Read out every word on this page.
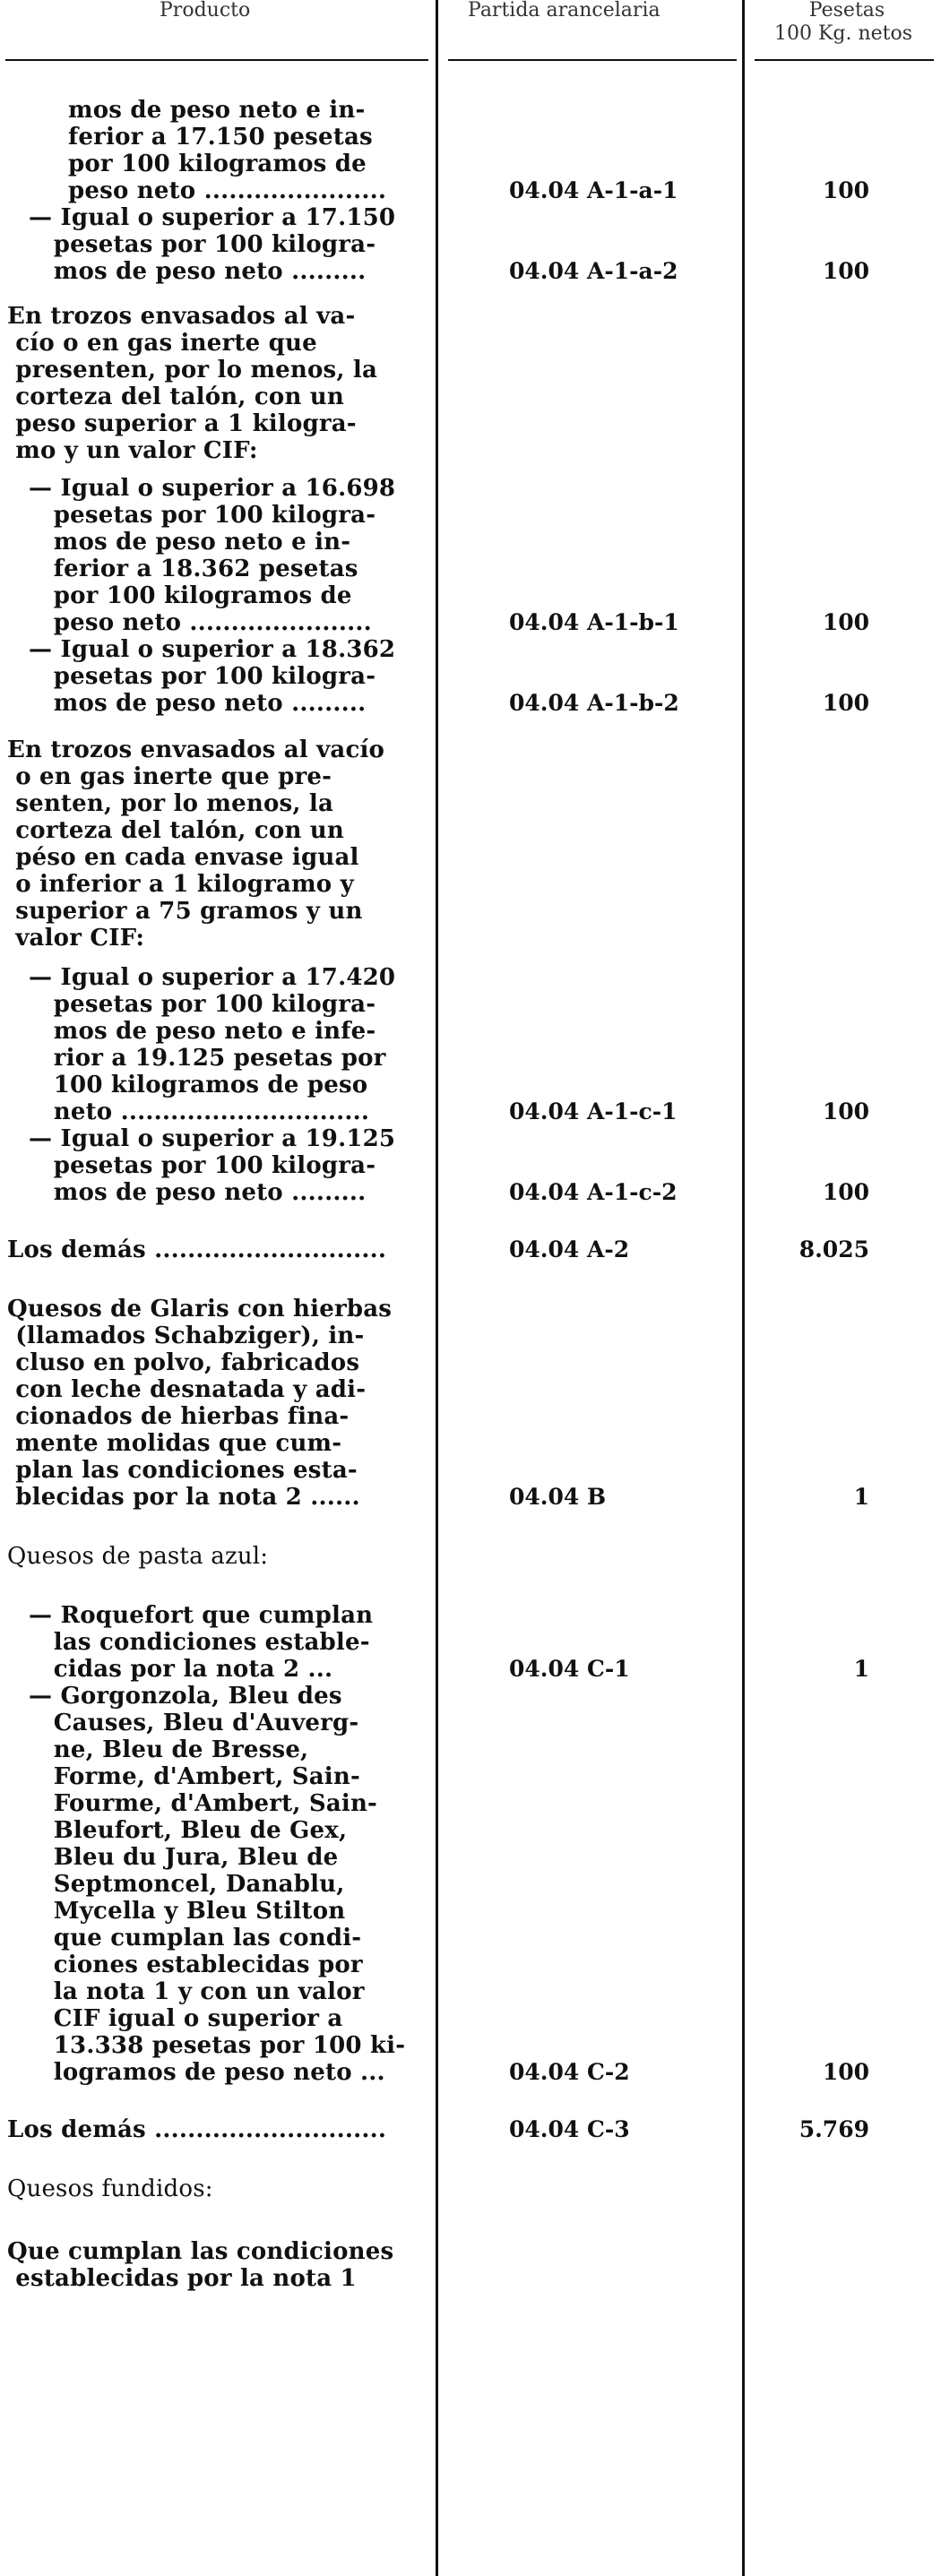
Producto	Partida arancelaria	Pesetas
100 Kg. netos
mos de peso neto e in-
ferior a 17.150 pesetas
por 100 kilogramos de
peso neto ......................	04.04 A-1-a-1	100
— Igual o superior a 17.150
pesetas por 100 kilogra-
mos de peso neto .........	04.04 A-1-a-2	100
En trozos envasados al va-
cío o en gas inerte que
presenten, por lo menos, la
corteza del talón, con un
peso superior a 1 kilogra-
mo y un valor CIF:
— Igual o superior a 16.698
pesetas por 100 kilogra-
mos de peso neto e in-
ferior a 18.362 pesetas
por 100 kilogramos de
peso neto ......................	04.04 A-1-b-1	100
— Igual o superior a 18.362
pesetas por 100 kilogra-
mos de peso neto .........	04.04 A-1-b-2	100
En trozos envasados al vacío
o en gas inerte que pre-
senten, por lo menos, la
corteza del talón, con un
péso en cada envase igual
o inferior a 1 kilogramo y
superior a 75 gramos y un
valor CIF:
— Igual o superior a 17.420
pesetas por 100 kilogra-
mos de peso neto e infe-
rior a 19.125 pesetas por
100 kilogramos de peso
neto ..............................	04.04 A-1-c-1	100
— Igual o superior a 19.125
pesetas por 100 kilogra-
mos de peso neto .........	04.04 A-1-c-2	100
Los demás ............................	04.04 A-2	8.025
Quesos de Glaris con hierbas
(llamados Schabziger), in-
cluso en polvo, fabricados
con leche desnatada y adi-
cionados de hierbas fina-
mente molidas que cum-
plan las condiciones esta-
blecidas por la nota 2 ......	04.04 B	1
Quesos de pasta azul:
— Roquefort que cumplan
las condiciones estable-
cidas por la nota 2 ...	04.04 C-1	1
— Gorgonzola, Bleu des
Causes, Bleu d'Auverg-
ne, Bleu de Bresse,
Forme, d'Ambert, Sain-
Fourme, d'Ambert, Sain-
Bleufort, Bleu de Gex,
Bleu du Jura, Bleu de
Septmoncel, Danablu,
Mycella y Bleu Stilton
que cumplan las condi-
ciones establecidas por
la nota 1 y con un valor
CIF igual o superior a
13.338 pesetas por 100 ki-
logramos de peso neto ...	04.04 C-2	100
Los demás ............................	04.04 C-3	5.769
Quesos fundidos:
Que cumplan las condiciones
establecidas por la nota 1
